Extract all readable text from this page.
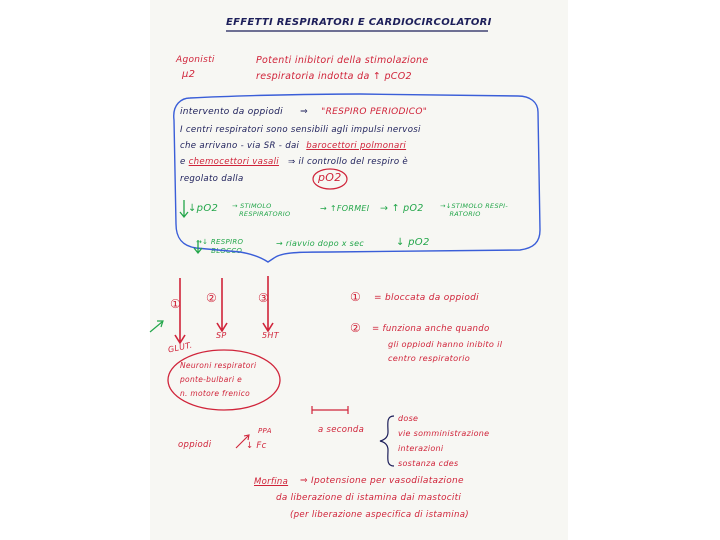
EFFETTI RESPIRATORI E CARDIOCIRCOLATORI
Agonisti
μ2
Potenti inibitori della stimolazione
respiratoria indotta da ↑ pCO2
intervento da oppiodi ⇒ "RESPIRO PERIODICO"
I centri respiratori sono sensibili agli impulsi nervosi
che arrivano - via SR - dai barocettori polmonari
e chemocettori vasali ⇒ il controllo del respiro è
regolato dalla	pO2
↓pO2 → STIMOLO
RESPIRATORIO
→ ↑FORMEI → ↑ pO2	→↓STIMOLO RESPI-
RATORIO
→↓ RESPIRO
BLOCCO
→ riavvio dopo x sec	↓ pO2
① ②	③
GLUT.
SP	5HT
① = bloccata da oppiodi
② = funziona anche quando
gli oppiodi hanno inibito il
centro respiratorio
Neuroni respiratori
ponte-bulbari e
n. motore frenico
oppiodi
PPA
↓ Fc
a seconda
dose
vie somministrazione
interazioni
sostanza cdes
Morfina ⇒ Ipotensione per vasodilatazione
da liberazione di istamina dai mastociti
(per liberazione aspecifica di istamina)
